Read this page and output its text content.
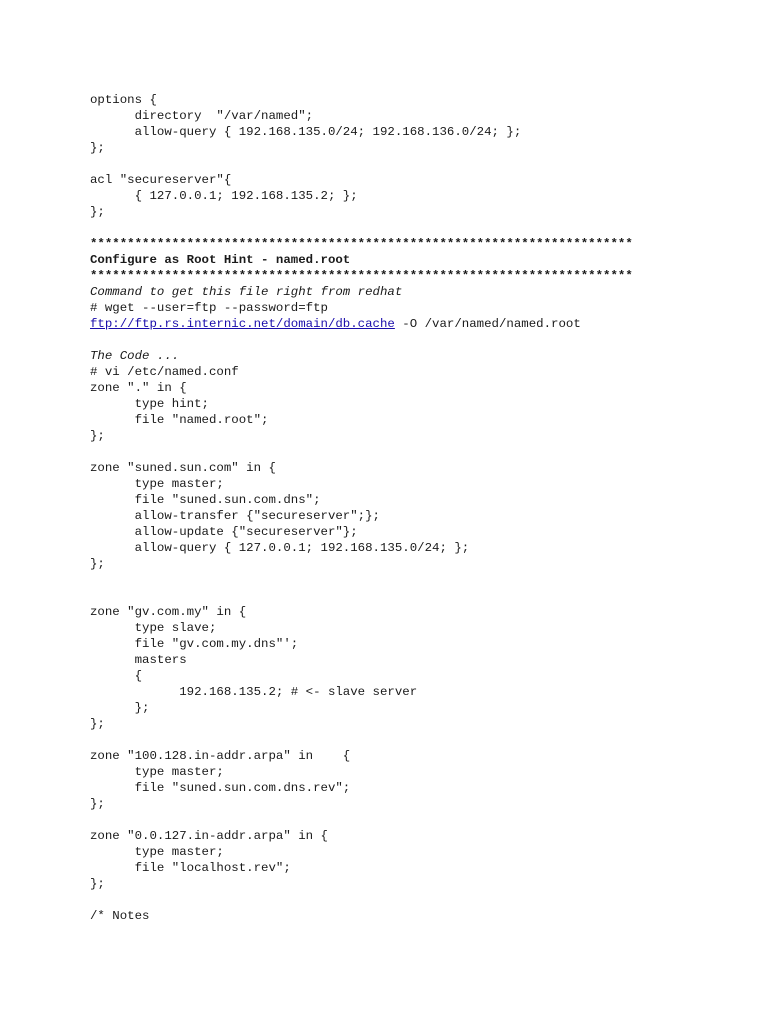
options {
directory  "/var/named";
allow-query { 192.168.135.0/24; 192.168.136.0/24; };
};
acl "secureserver"{
{ 127.0.0.1; 192.168.135.2; };
};
*************************************************************************
Configure as Root Hint - named.root
*************************************************************************
Command to get this file right from redhat
# wget --user=ftp --password=ftp
ftp://ftp.rs.internic.net/domain/db.cache -O /var/named/named.root
The Code ...
# vi /etc/named.conf
zone "." in {
type hint;
file "named.root";
};
zone "suned.sun.com" in {
type master;
file "suned.sun.com.dns";
allow-transfer {"secureserver";};
allow-update {"secureserver"};
allow-query { 127.0.0.1; 192.168.135.0/24; };
};
zone "gv.com.my" in {
type slave;
file "gv.com.my.dns"';
masters
{
192.168.135.2; # <- slave server
};
};
zone "100.128.in-addr.arpa" in    {
type master;
file "suned.sun.com.dns.rev";
};
zone "0.0.127.in-addr.arpa" in {
type master;
file "localhost.rev";
};
/* Notes
